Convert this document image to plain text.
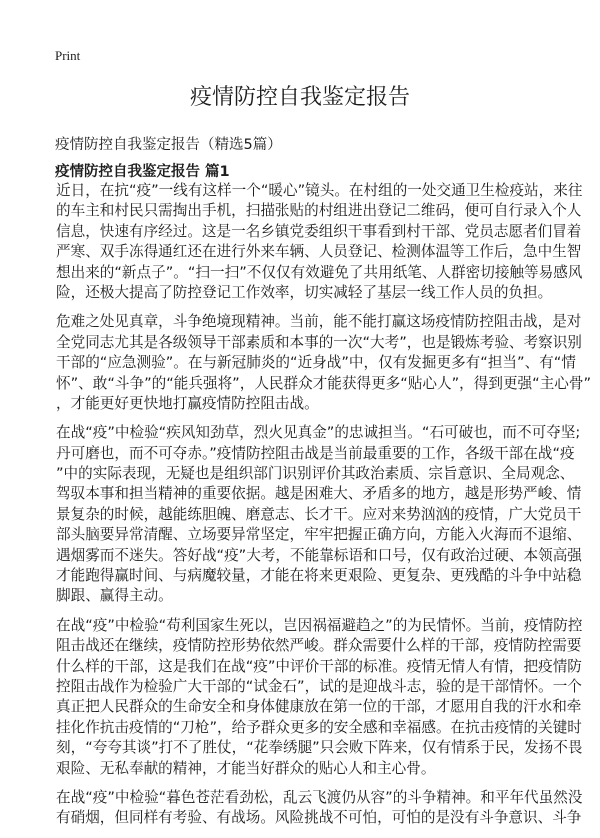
Print
疫情防控自我鉴定报告
疫情防控自我鉴定报告（精选5篇）
疫情防控自我鉴定报告 篇1
近日，在抗“疫”一线有这样一个“暖心”镜头。在村组的一处交通卫生检疫站，来往
的车主和村民只需掏出手机，扫描张贴的村组进出登记二维码，便可自行录入个人
信息，快速有序经过。这是一名乡镇党委组织干事看到村干部、党员志愿者们冒着
严寒、双手冻得通红还在进行外来车辆、人员登记、检测体温等工作后，急中生智
想出来的“新点子”。“扫一扫”不仅仅有效避免了共用纸笔、人群密切接触等易感风
险，还极大提高了防控登记工作效率，切实减轻了基层一线工作人员的负担。
危难之处见真章，斗争绝境现精神。当前，能不能打赢这场疫情防控阻击战，是对
全党同志尤其是各级领导干部素质和本事的一次“大考”，也是锻炼考验、考察识别
干部的“应急测验”。在与新冠肺炎的“近身战”中，仅有发掘更多有“担当”、有“情
怀”、敢“斗争”的“能兵强将”，人民群众才能获得更多“贴心人”，得到更强“主心骨”
，才能更好更快地打赢疫情防控阻击战。
在战“疫”中检验“疾风知劲草，烈火见真金”的忠诚担当。“石可破也，而不可夺坚;
丹可磨也，而不可夺赤。”疫情防控阻击战是当前最重要的工作，各级干部在战“疫
”中的实际表现，无疑也是组织部门识别评价其政治素质、宗旨意识、全局观念、
驾驭本事和担当精神的重要依据。越是困难大、矛盾多的地方，越是形势严峻、情
景复杂的时候，越能练胆魄、磨意志、长才干。应对来势汹汹的疫情，广大党员干
部头脑要异常清醒、立场要异常坚定，牢牢把握正确方向，方能入火海而不退缩、
遇烟雾而不迷失。答好战“疫”大考，不能靠标语和口号，仅有政治过硬、本领高强
才能跑得赢时间、与病魔较量，才能在将来更艰险、更复杂、更残酷的斗争中站稳
脚跟、赢得主动。
在战“疫”中检验“苟利国家生死以，岂因祸福避趋之”的为民情怀。当前，疫情防控
阻击战还在继续，疫情防控形势依然严峻。群众需要什么样的干部，疫情防控需要
什么样的干部，这是我们在战“疫”中评价干部的标准。疫情无情人有情，把疫情防
控阻击战作为检验广大干部的“试金石”，试的是迎战斗志，验的是干部情怀。一个
真正把人民群众的生命安全和身体健康放在第一位的干部，才愿用自我的汗水和牵
挂化作抗击疫情的“刀枪”，给予群众更多的安全感和幸福感。在抗击疫情的关键时
刻，“夸夸其谈”打不了胜仗，“花拳绣腿”只会败下阵来，仅有情系于民，发扬不畏
艰险、无私奉献的精神，才能当好群众的贴心人和主心骨。
在战“疫”中检验“暮色苍茫看劲松，乱云飞渡仍从容”的斗争精神。和平年代虽然没
有硝烟，但同样有考验、有战场。风险挑战不可怕，可怕的是没有斗争意识、斗争
